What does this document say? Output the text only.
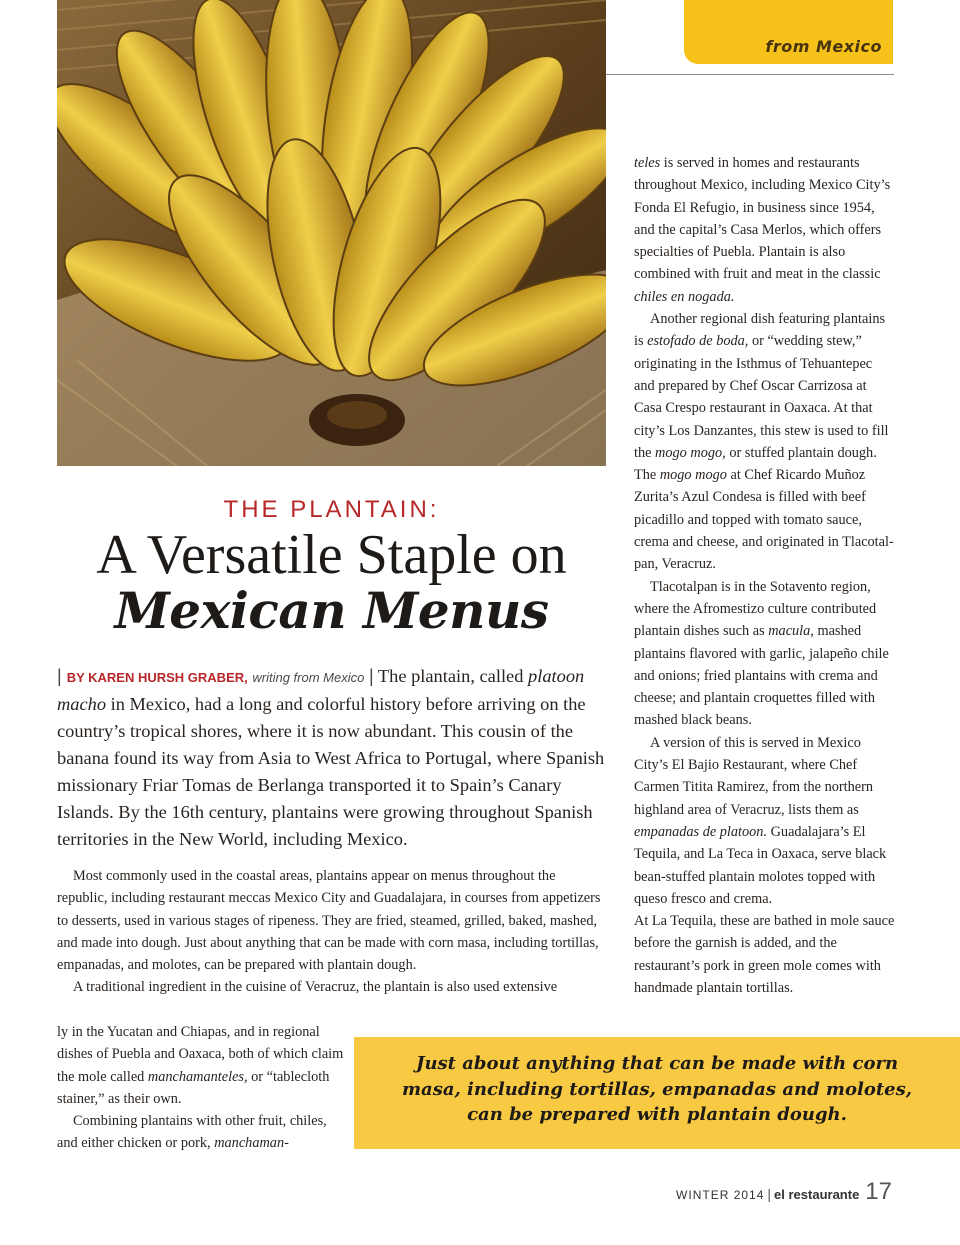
from Mexico
THE PLANTAIN:
A Versatile Staple on
Mexican Menus
| BY KAREN HURSH GRABER, writing from Mexico | The plantain, called platoon macho in Mexico, had a long and colorful history before arriving on the country’s tropical shores, where it is now abundant. This cousin of the banana found its way from Asia to West Africa to Portugal, where Spanish missionary Friar Tomas de Berlanga transported it to Spain’s Canary Islands. By the 16th century, plantains were growing throughout Spanish territories in the New World, including Mexico.

Most commonly used in the coastal areas, plantains appear on menus throughout the republic, including restaurant meccas Mexico City and Guadalajara, in courses from appetizers to desserts, used in various stages of ripeness. They are fried, steamed, grilled, baked, mashed, and made into dough. Just about anything that can be made with corn masa, including tortillas, empanadas, and molotes, can be prepared with plantain dough.

A traditional ingredient in the cuisine of Veracruz, the plantain is also used extensive

ly in the Yucatan and Chiapas, and in regional dishes of Puebla and Oaxaca, both of which claim the mole called manchamanteles, or “tablecloth stainer,” as their own.

Combining plantains with other fruit, chiles, and either chicken or pork, manchaman-

teles is served in homes and restaurants throughout Mexico, including Mexico City’s Fonda El Refugio, in business since 1954, and the capital’s Casa Merlos, which offers specialties of Puebla. Plantain is also combined with fruit and meat in the classic chiles en nogada.

Another regional dish featuring plantains is estofado de boda, or “wedding stew,” originating in the Isthmus of Tehuantepec and prepared by Chef Oscar Carrizosa at Casa Crespo restaurant in Oaxaca. At that city’s Los Danzantes, this stew is used to fill the mogo mogo, or stuffed plantain dough. The mogo mogo at Chef Ricardo Muñoz Zurita’s Azul Condesa is filled with beef picadillo and topped with tomato sauce, crema and cheese, and originated in Tlacotalpan, Veracruz.

Tlacotalpan is in the Sotavento region, where the Afromestizo culture contributed plantain dishes such as macula, mashed plantains flavored with garlic, jalapeño chile and onions; fried plantains with crema and cheese; and plantain croquettes filled with mashed black beans.

A version of this is served in Mexico City’s El Bajio Restaurant, where Chef Carmen Titita Ramirez, from the northern highland area of Veracruz, lists them as empanadas de platoon. Guadalajara’s El Tequila, and La Teca in Oaxaca, serve black bean-stuffed plantain molotes topped with queso fresco and crema.

At La Tequila, these are bathed in mole sauce before the garnish is added, and the restaurant’s pork in green mole comes with handmade plantain tortillas.

Just about anything that can be made with corn masa, including tortillas, empanadas and molotes, can be prepared with plantain dough.

WINTER 2014 | el restaurante 17
